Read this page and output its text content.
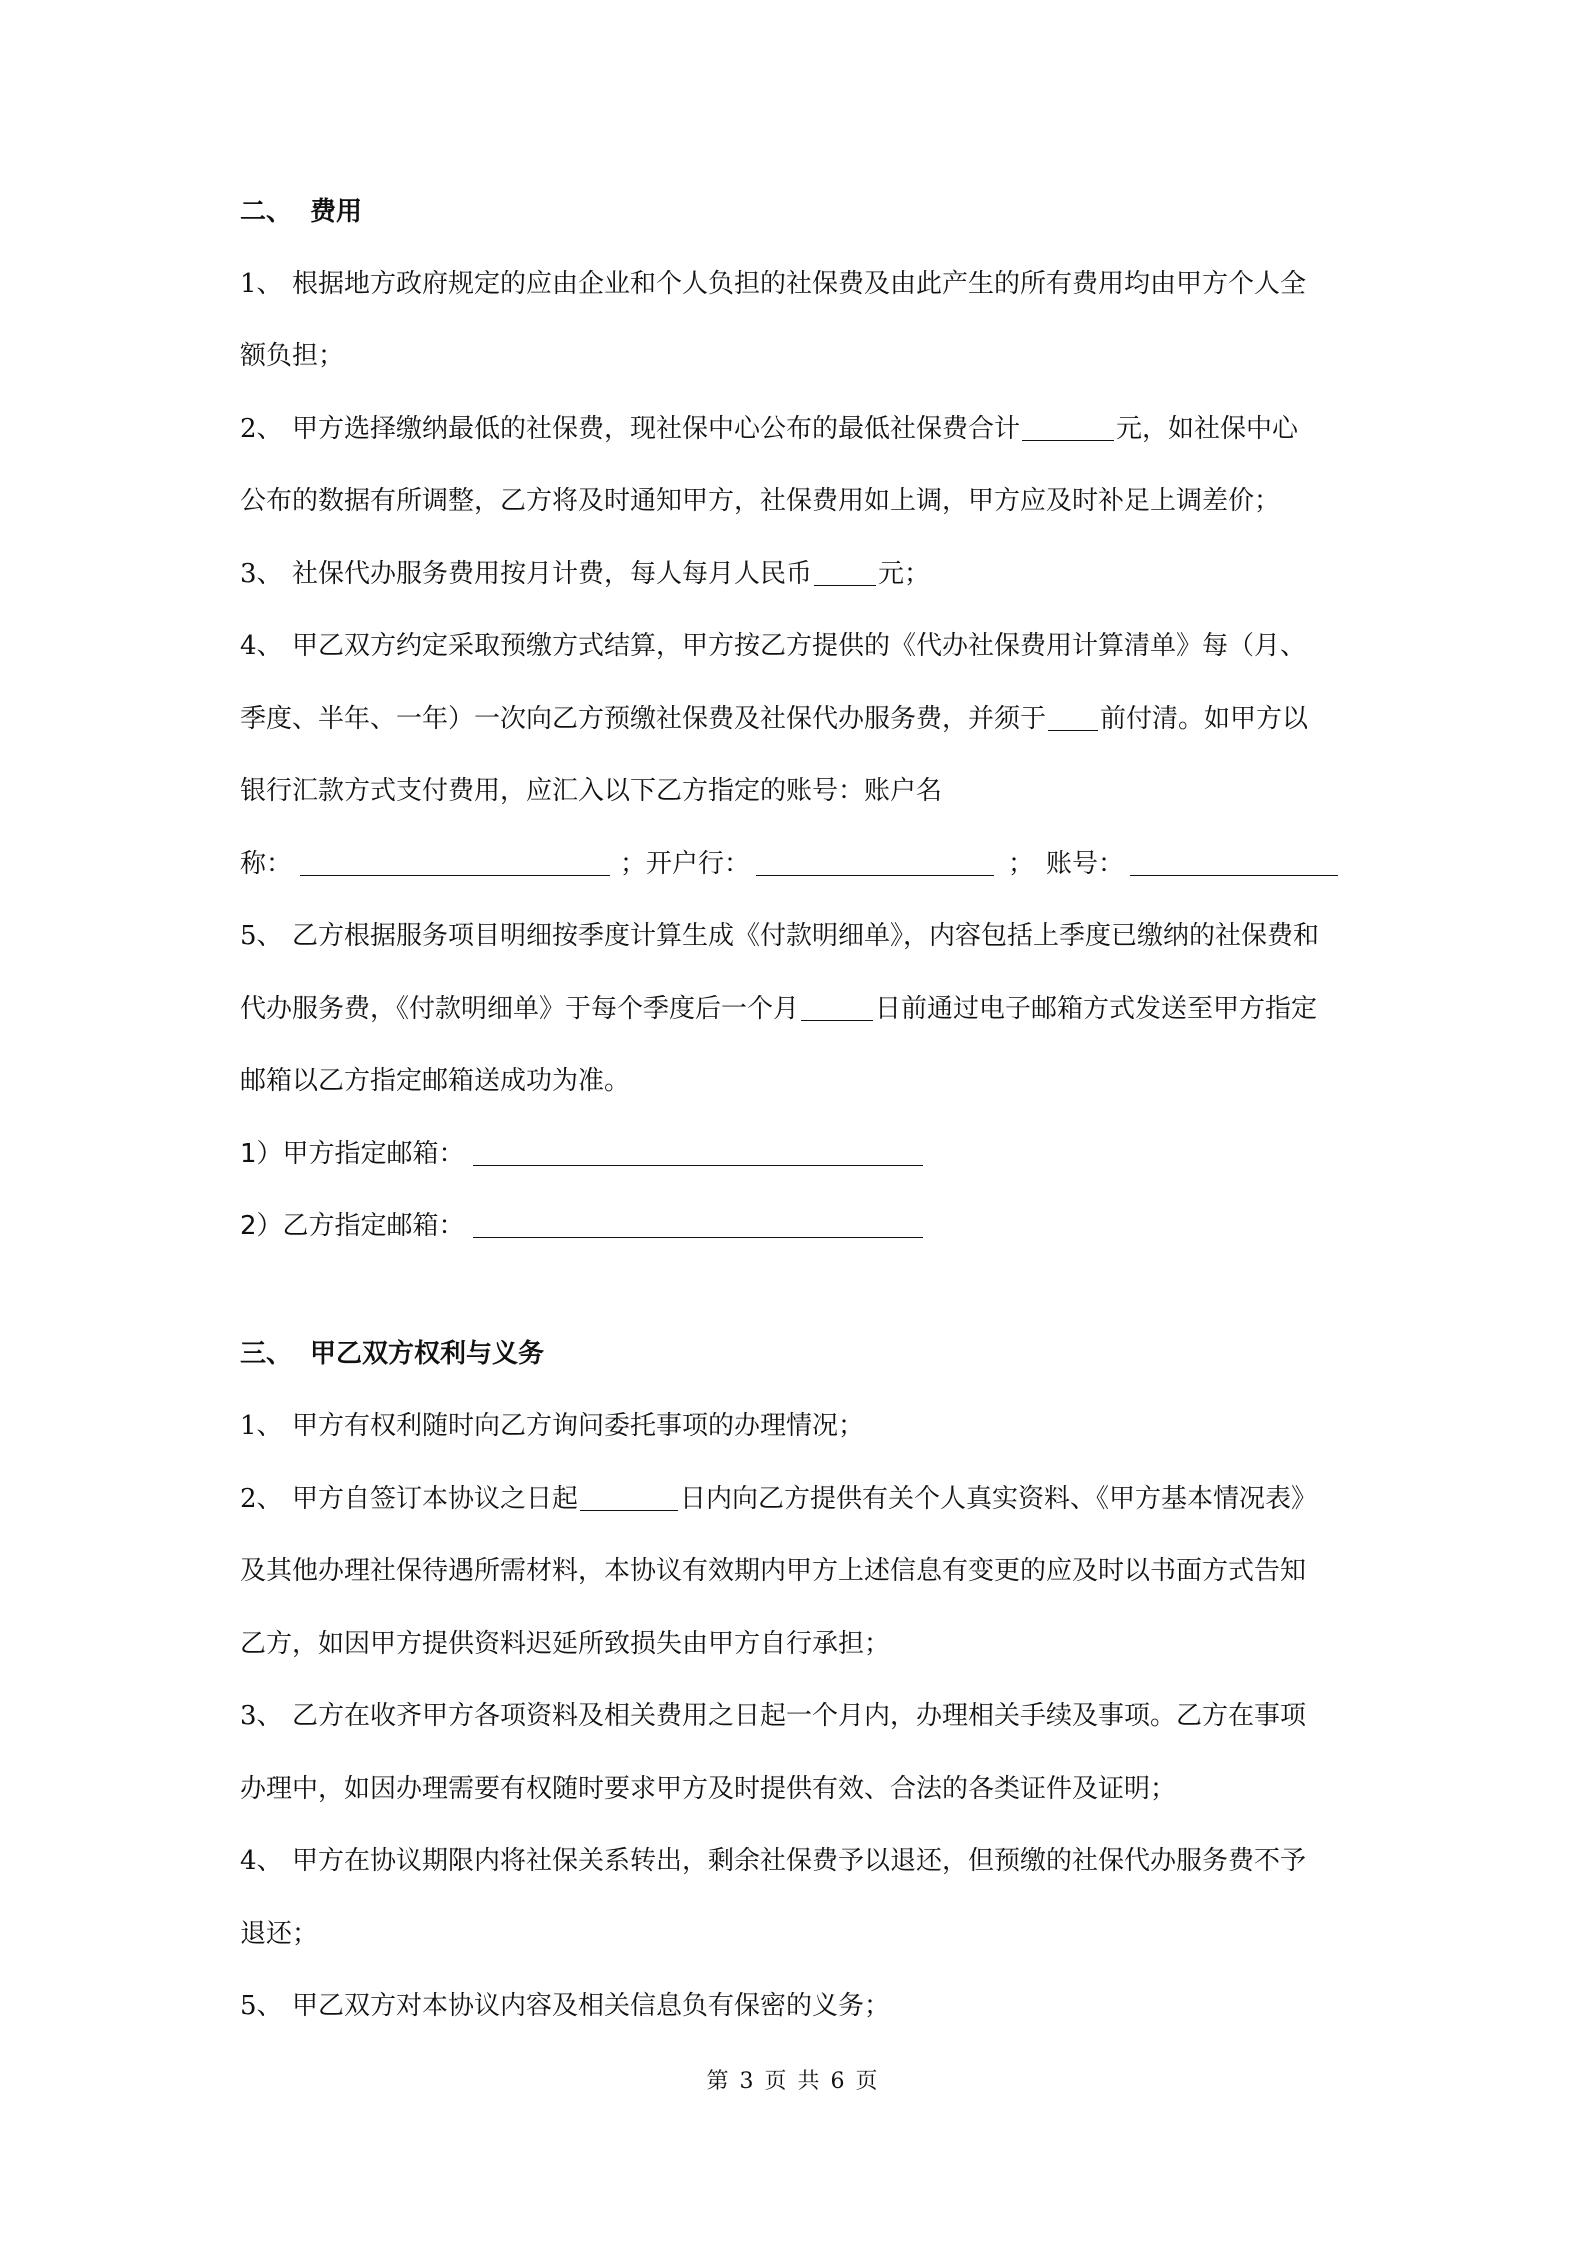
二、 费用
1、 根据地方政府规定的应由企业和个人负担的社保费及由此产生的所有费用均由甲方个人全
额负担；
2、 甲方选择缴纳最低的社保费，现社保中心公布的最低社保费合计	元，如社保中心
公布的数据有所调整，乙方将及时通知甲方，社保费用如上调，甲方应及时补足上调差价；
3、 社保代办服务费用按月计费，每人每月人民币	元；
4、 甲乙双方约定采取预缴方式结算，甲方按乙方提供的《代办社保费用计算清单》每（月、
季度、半年、一年）一次向乙方预缴社保费及社保代办服务费，并须于 前付清。如甲方以
银行汇款方式支付费用，应汇入以下乙方指定的账号：账户名
称：	；开户行：	； 账号：
5、 乙方根据服务项目明细按季度计算生成《付款明细单》，内容包括上季度已缴纳的社保费和
代办服务费，《付款明细单》于每个季度后一个月	日前通过电子邮箱方式发送至甲方指定
邮箱以乙方指定邮箱送成功为准。
1）甲方指定邮箱：
2）乙方指定邮箱：
三、 甲乙双方权利与义务
1、 甲方有权利随时向乙方询问委托事项的办理情况；
2、 甲方自签订本协议之日起	日内向乙方提供有关个人真实资料、《甲方基本情况表》
及其他办理社保待遇所需材料，本协议有效期内甲方上述信息有变更的应及时以书面方式告知
乙方，如因甲方提供资料迟延所致损失由甲方自行承担；
3、 乙方在收齐甲方各项资料及相关费用之日起一个月内，办理相关手续及事项。乙方在事项
办理中，如因办理需要有权随时要求甲方及时提供有效、合法的各类证件及证明；
4、 甲方在协议期限内将社保关系转出，剩余社保费予以退还，但预缴的社保代办服务费不予
退还；
5、 甲乙双方对本协议内容及相关信息负有保密的义务；
第 3 页 共 6 页
